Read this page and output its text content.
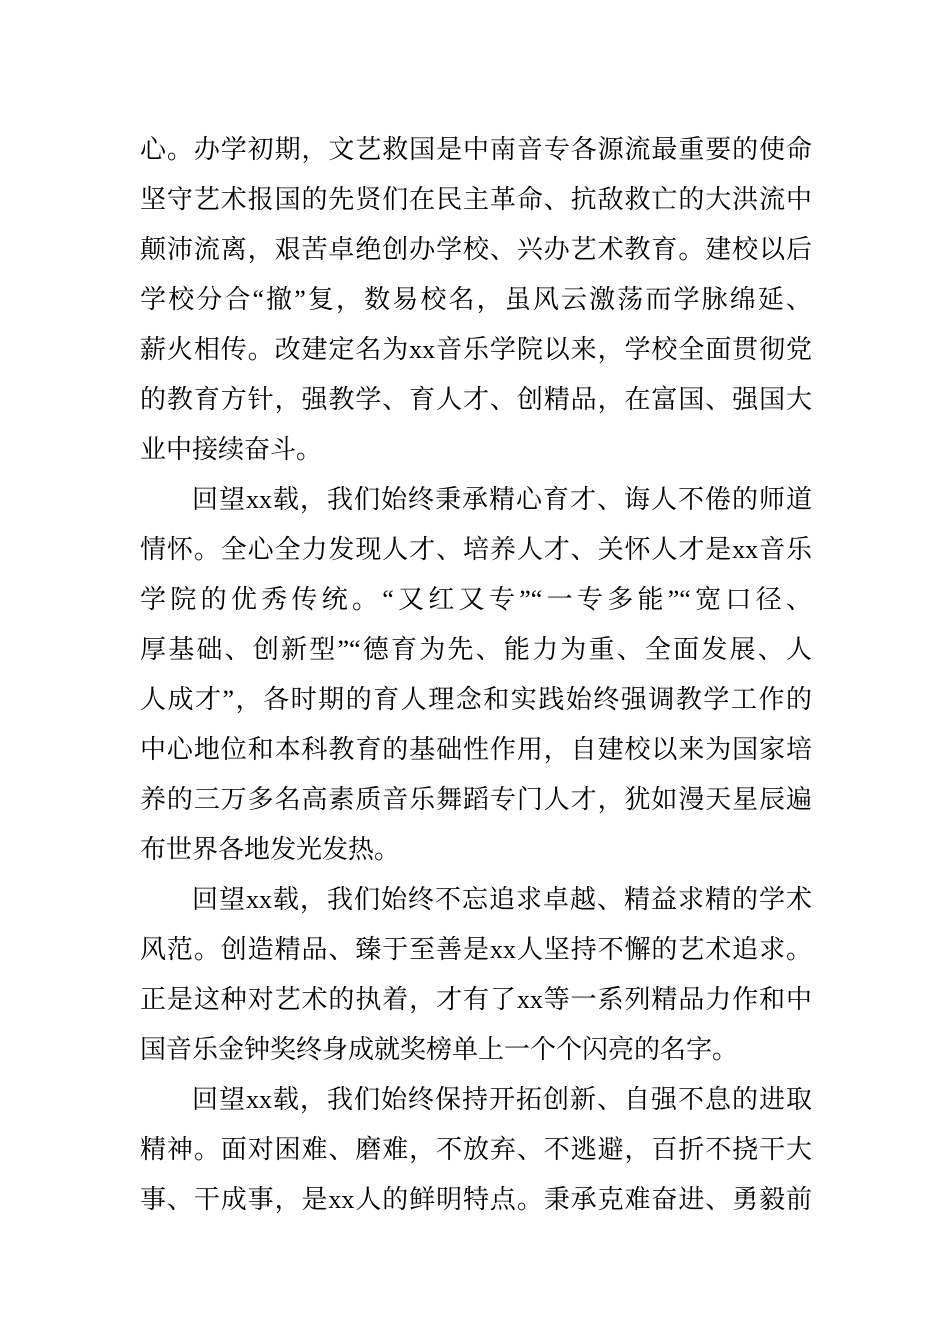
心。办学初期，文艺救国是中南音专各源流最重要的使命
坚守艺术报国的先贤们在民主革命、抗敌救亡的大洪流中
颠沛流离，艰苦卓绝创办学校、兴办艺术教育。建校以后
学校分合“撤”复，数易校名，虽风云激荡而学脉绵延、
薪火相传。改建定名为xx音乐学院以来，学校全面贯彻党
的教育方针，强教学、育人才、创精品，在富国、强国大
业中接续奋斗。
回望xx载，我们始终秉承精心育才、诲人不倦的师道
情怀。全心全力发现人才、培养人才、关怀人才是xx音乐
学院的优秀传统。“又红又专”“一专多能”“宽口径、
厚基础、创新型”“德育为先、能力为重、全面发展、人
人成才”，各时期的育人理念和实践始终强调教学工作的
中心地位和本科教育的基础性作用，自建校以来为国家培
养的三万多名高素质音乐舞蹈专门人才，犹如漫天星辰遍
布世界各地发光发热。
回望xx载，我们始终不忘追求卓越、精益求精的学术
风范。创造精品、臻于至善是xx人坚持不懈的艺术追求。
正是这种对艺术的执着，才有了xx等一系列精品力作和中
国音乐金钟奖终身成就奖榜单上一个个闪亮的名字。
回望xx载，我们始终保持开拓创新、自强不息的进取
精神。面对困难、磨难，不放弃、不逃避，百折不挠干大
事、干成事，是xx人的鲜明特点。秉承克难奋进、勇毅前
